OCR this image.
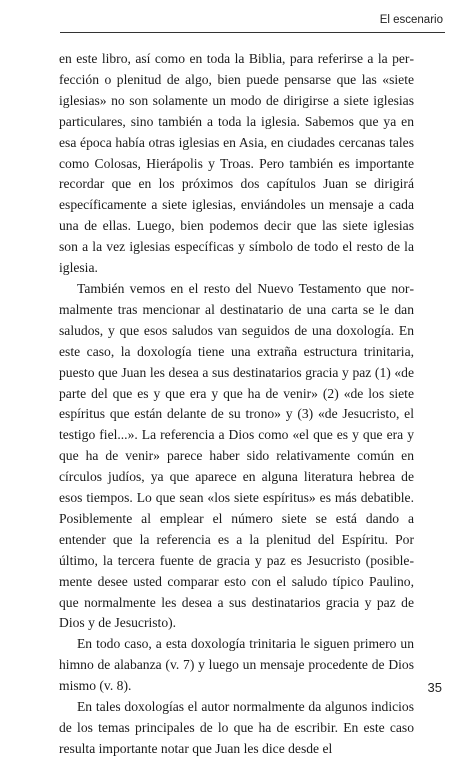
El escenario

en este libro, así como en toda la Biblia, para referirse a la perfección o plenitud de algo, bien puede pensarse que las «siete iglesias» no son solamente un modo de dirigirse a siete iglesias particulares, sino también a toda la iglesia. Sabemos que ya en esa época había otras iglesias en Asia, en ciudades cercanas tales como Colosas, Hierápolis y Troas. Pero también es importante recordar que en los próximos dos capítulos Juan se dirigirá específicamente a siete iglesias, enviándoles un mensaje a cada una de ellas. Luego, bien podemos decir que las siete iglesias son a la vez iglesias específicas y símbolo de todo el resto de la iglesia.

También vemos en el resto del Nuevo Testamento que normalmente tras mencionar al destinatario de una carta se le dan saludos, y que esos saludos van seguidos de una doxología. En este caso, la doxología tiene una extraña estructura trinitaria, puesto que Juan les desea a sus destinatarios gracia y paz (1) «de parte del que es y que era y que ha de venir» (2) «de los siete espíritus que están delante de su trono» y (3) «de Jesucristo, el testigo fiel...». La referencia a Dios como «el que es y que era y que ha de venir» parece haber sido relativamente común en círculos judíos, ya que aparece en alguna literatura hebrea de esos tiempos. Lo que sean «los siete espíritus» es más debatible. Posiblemente al emplear el número siete se está dando a entender que la referencia es a la plenitud del Espíritu. Por último, la tercera fuente de gracia y paz es Jesucristo (posiblemente desee usted comparar esto con el saludo típico Paulino, que normalmente les desea a sus destinatarios gracia y paz de Dios y de Jesucristo).

En todo caso, a esta doxología trinitaria le siguen primero un himno de alabanza (v. 7) y luego un mensaje procedente de Dios mismo (v. 8).

En tales doxologías el autor normalmente da algunos indicios de los temas principales de lo que ha de escribir. En este caso resulta importante notar que Juan les dice desde el

35
